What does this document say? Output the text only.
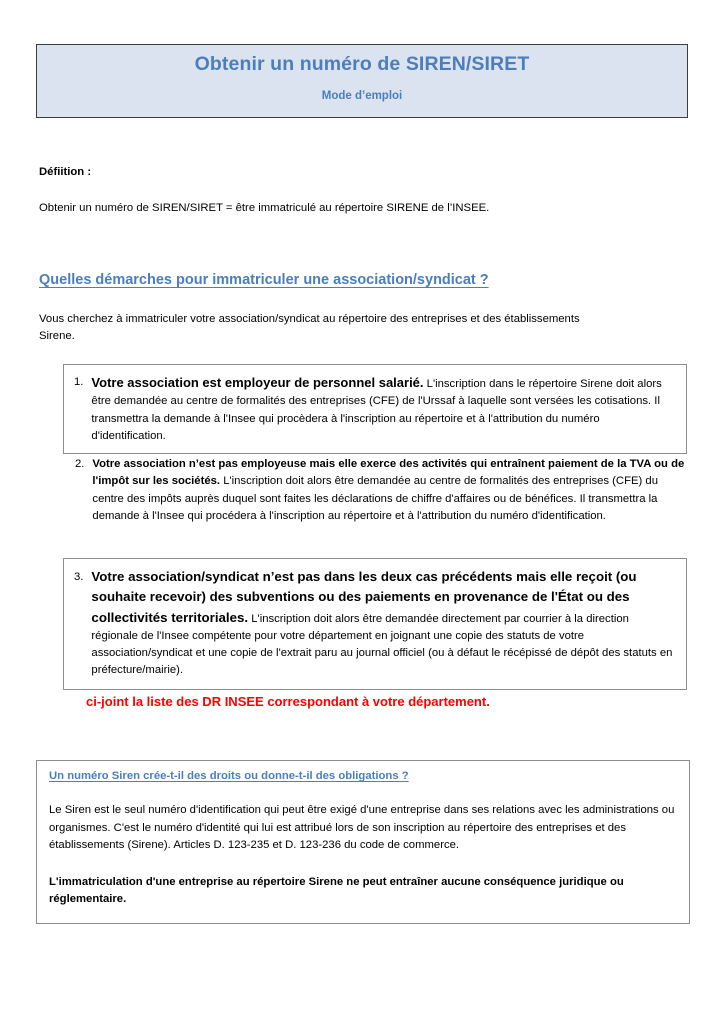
Obtenir un numéro de SIREN/SIRET
Mode d’emploi
Défiition :
Obtenir un numéro de SIREN/SIRET = être immatriculé au répertoire SIRENE de l’INSEE.
Quelles démarches pour immatriculer une association/syndicat ?
Vous cherchez à immatriculer votre association/syndicat au répertoire des entreprises et des établissements Sirene.
1. Votre association est employeur de personnel salarié. L'inscription dans le répertoire Sirene doit alors être demandée au centre de formalités des entreprises (CFE) de l'Urssaf à laquelle sont versées les cotisations. Il transmettra la demande à l'Insee qui procèdera à l'inscription au répertoire et à l'attribution du numéro d'identification.
2. Votre association n’est pas employeuse mais elle exerce des activités qui entraînent paiement de la TVA ou de l'impôt sur les sociétés. L'inscription doit alors être demandée au centre de formalités des entreprises (CFE) du centre des impôts auprès duquel sont faites les déclarations de chiffre d'affaires ou de bénéfices. Il transmettra la demande à l'Insee qui procédera à l'inscription au répertoire et à l'attribution du numéro d'identification.
3. Votre association/syndicat n’est pas dans les deux cas précédents mais elle reçoit (ou souhaite recevoir) des subventions ou des paiements en provenance de l'État ou des collectivités territoriales. L'inscription doit alors être demandée directement par courrier à la direction régionale de l'Insee compétente pour votre département en joignant une copie des statuts de votre association/syndicat et une copie de l'extrait paru au journal officiel (ou à défaut le récépissé de dépôt des statuts en préfecture/mairie).
ci-joint la liste des DR INSEE correspondant à votre département.
Un numéro Siren crée-t-il des droits ou donne-t-il des obligations ?
Le Siren est le seul numéro d'identification qui peut être exigé d'une entreprise dans ses relations avec les administrations ou organismes. C'est le numéro d'identité qui lui est attribué lors de son inscription au répertoire des entreprises et des établissements (Sirene). Articles D. 123-235 et D. 123-236 du code de commerce.
L'immatriculation d'une entreprise au répertoire Sirene ne peut entraîner aucune conséquence juridique ou réglementaire.
